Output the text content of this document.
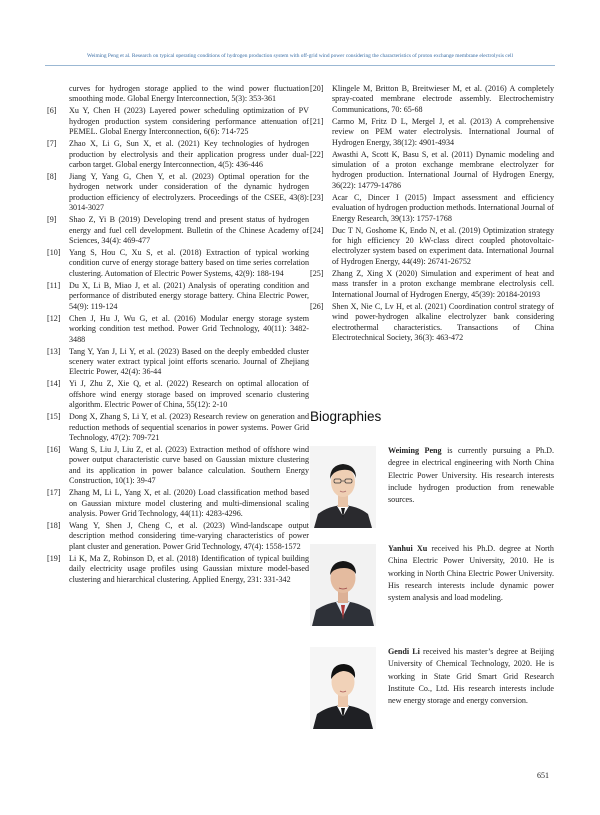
Weiming Peng et al. Research on typical operating conditions of hydrogen production system with off-grid wind power considering the characteristics of proton exchange membrane electrolysis cell
curves for hydrogen storage applied to the wind power fluctuation smoothing mode. Global Energy Interconnection, 5(3): 353-361
[6] Xu Y, Chen H (2023) Layered power scheduling optimization of PV hydrogen production system considering performance attenuation of PEMEL. Global Energy Interconnection, 6(6): 714-725
[7] Zhao X, Li G, Sun X, et al. (2021) Key technologies of hydrogen production by electrolysis and their application progress under dual-carbon target. Global energy Interconnection, 4(5): 436-446
[8] Jiang Y, Yang G, Chen Y, et al. (2023) Optimal operation for the hydrogen network under consideration of the dynamic hydrogen production efficiency of electrolyzers. Proceedings of the CSEE, 43(8): 3014-3027
[9] Shao Z, Yi B (2019) Developing trend and present status of hydrogen energy and fuel cell development. Bulletin of the Chinese Academy of Sciences, 34(4): 469-477
[10] Yang S, Hou C, Xu S, et al. (2018) Extraction of typical working condition curve of energy storage battery based on time series correlation clustering. Automation of Electric Power Systems, 42(9): 188-194
[11] Du X, Li B, Miao J, et al. (2021) Analysis of operating condition and performance of distributed energy storage battery. China Electric Power, 54(9): 119-124
[12] Chen J, Hu J, Wu G, et al. (2016) Modular energy storage system working condition test method. Power Grid Technology, 40(11): 3482-3488
[13] Tang Y, Yan J, Li Y, et al. (2023) Based on the deeply embedded cluster scenery water extract typical joint efforts scenario. Journal of Zhejiang Electric Power, 42(4): 36-44
[14] Yi J, Zhu Z, Xie Q, et al. (2022) Research on optimal allocation of offshore wind energy storage based on improved scenario clustering algorithm. Electric Power of China, 55(12): 2-10
[15] Dong X, Zhang S, Li Y, et al. (2023) Research review on generation and reduction methods of sequential scenarios in power systems. Power Grid Technology, 47(2): 709-721
[16] Wang S, Liu J, Liu Z, et al. (2023) Extraction method of offshore wind power output characteristic curve based on Gaussian mixture clustering and its application in power balance calculation. Southern Energy Construction, 10(1): 39-47
[17] Zhang M, Li L, Yang X, et al. (2020) Load classification method based on Gaussian mixture model clustering and multi-dimensional scaling analysis. Power Grid Technology, 44(11): 4283-4296.
[18] Wang Y, Shen J, Cheng C, et al. (2023) Wind-landscape output description method considering time-varying characteristics of power plant cluster and generation. Power Grid Technology, 47(4): 1558-1572
[19] Li K, Ma Z, Robinson D, et al. (2018) Identification of typical building daily electricity usage profiles using Gaussian mixture model-based clustering and hierarchical clustering. Applied Energy, 231: 331-342
[20] Klingele M, Britton B, Breitwieser M, et al. (2016) A completely spray-coated membrane electrode assembly. Electrochemistry Communications, 70: 65-68
[21] Carmo M, Fritz D L, Mergel J, et al. (2013) A comprehensive review on PEM water electrolysis. International Journal of Hydrogen Energy, 38(12): 4901-4934
[22] Awasthi A, Scott K, Basu S, et al. (2011) Dynamic modeling and simulation of a proton exchange membrane electrolyzer for hydrogen production. International Journal of Hydrogen Energy, 36(22): 14779-14786
[23] Acar C, Dincer I (2015) Impact assessment and efficiency evaluation of hydrogen production methods. International Journal of Energy Research, 39(13): 1757-1768
[24] Duc T N, Goshome K, Endo N, et al. (2019) Optimization strategy for high efficiency 20 kW-class direct coupled photovoltaic-electrolyzer system based on experiment data. International Journal of Hydrogen Energy, 44(49): 26741-26752
[25] Zhang Z, Xing X (2020) Simulation and experiment of heat and mass transfer in a proton exchange membrane electrolysis cell. International Journal of Hydrogen Energy, 45(39): 20184-20193
[26] Shen X, Nie C, Lv H, et al. (2021) Coordination control strategy of wind power-hydrogen alkaline electrolyzer bank considering electrothermal characteristics. Transactions of China Electrotechnical Society, 36(3): 463-472
Biographies
Weiming Peng is currently pursuing a Ph.D. degree in electrical engineering with North China Electric Power University. His research interests include hydrogen production from renewable sources.
Yanhui Xu received his Ph.D. degree at North China Electric Power University, 2010. He is working in North China Electric Power University. His research interests include dynamic power system analysis and load modeling.
Gendi Li received his master’s degree at Beijing University of Chemical Technology, 2020. He is working in State Grid Smart Grid Research Institute Co., Ltd. His research interests include new energy storage and energy conversion.
651
